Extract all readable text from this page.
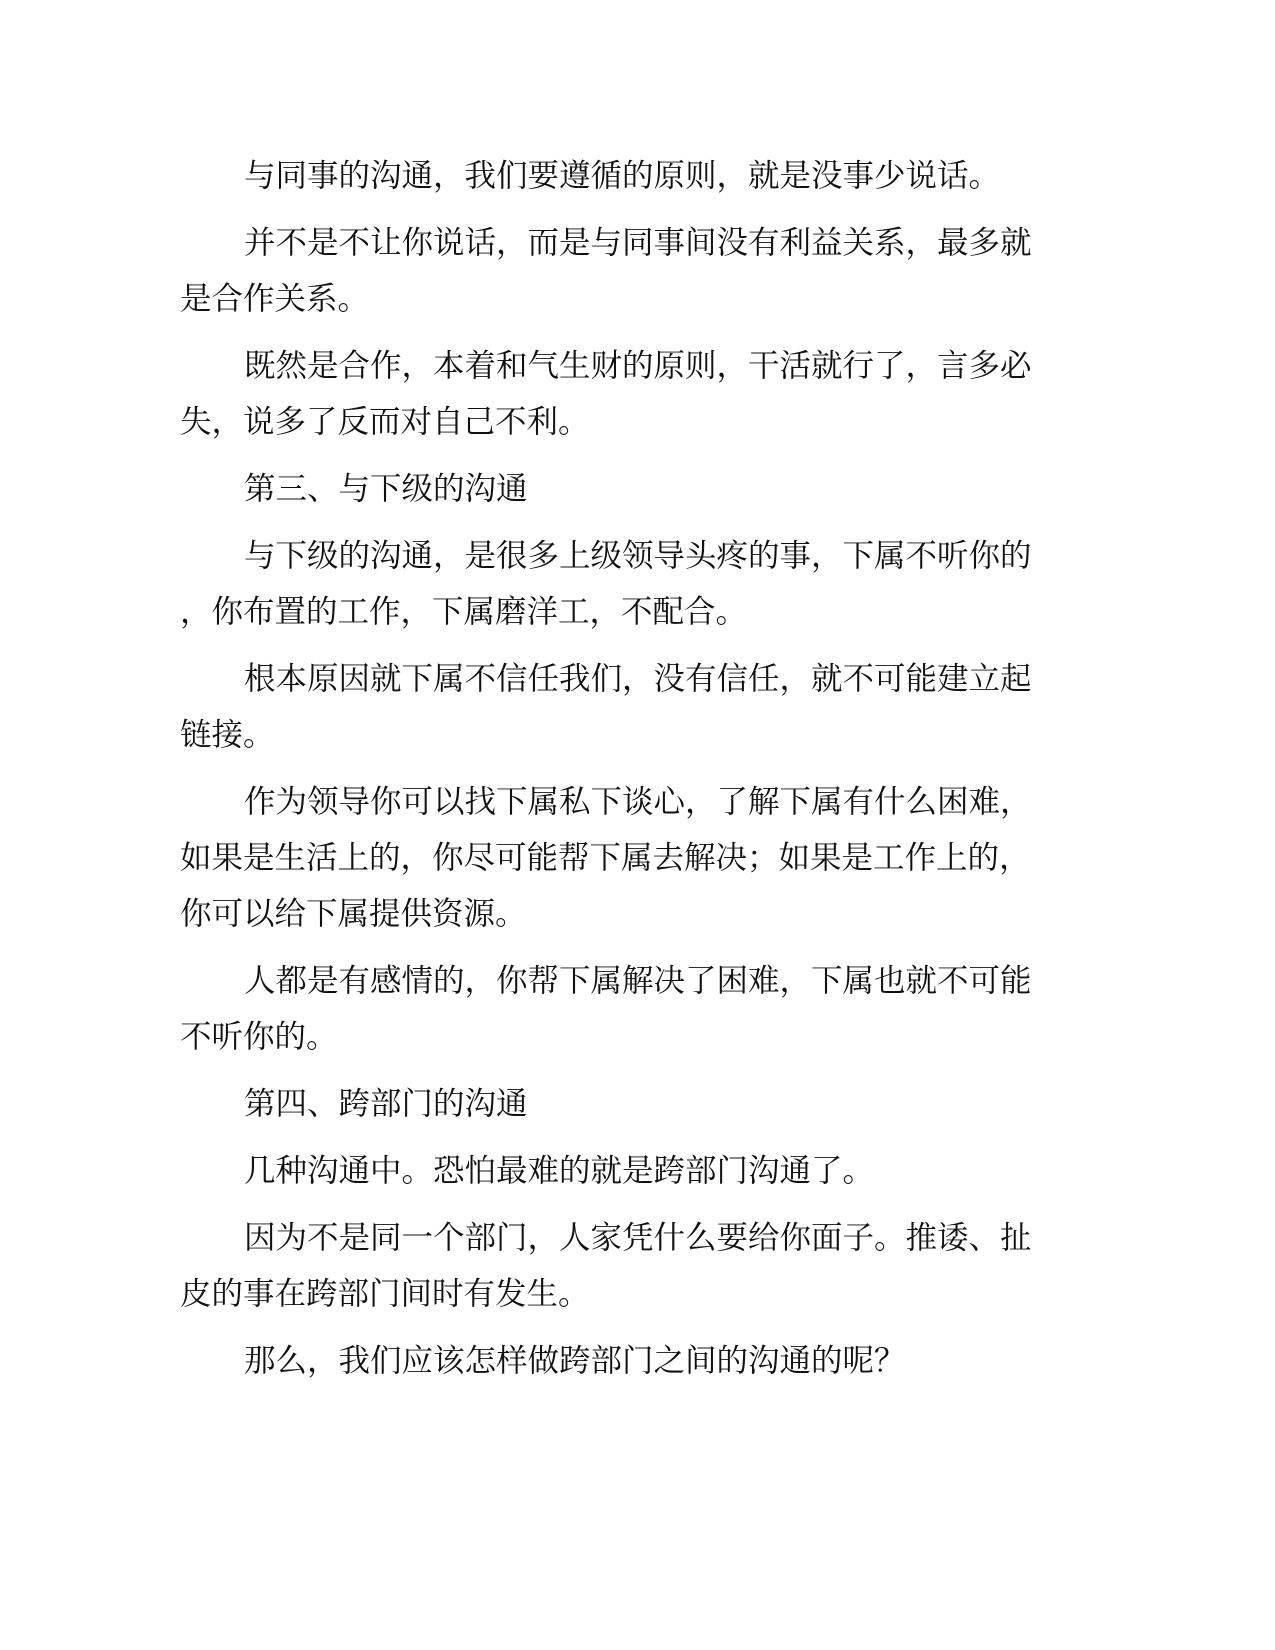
与同事的沟通，我们要遵循的原则，就是没事少说话。

并不是不让你说话，而是与同事间没有利益关系，最多就是合作关系。

既然是合作，本着和气生财的原则，干活就行了，言多必失，说多了反而对自己不利。

第三、与下级的沟通

与下级的沟通，是很多上级领导头疼的事，下属不听你的，你布置的工作，下属磨洋工，不配合。

根本原因就下属不信任我们，没有信任，就不可能建立起链接。

作为领导你可以找下属私下谈心，了解下属有什么困难，如果是生活上的，你尽可能帮下属去解决；如果是工作上的，你可以给下属提供资源。

人都是有感情的，你帮下属解决了困难，下属也就不可能不听你的。

第四、跨部门的沟通

几种沟通中。恐怕最难的就是跨部门沟通了。

因为不是同一个部门，人家凭什么要给你面子。推诿、扯皮的事在跨部门间时有发生。

那么，我们应该怎样做跨部门之间的沟通的呢？
